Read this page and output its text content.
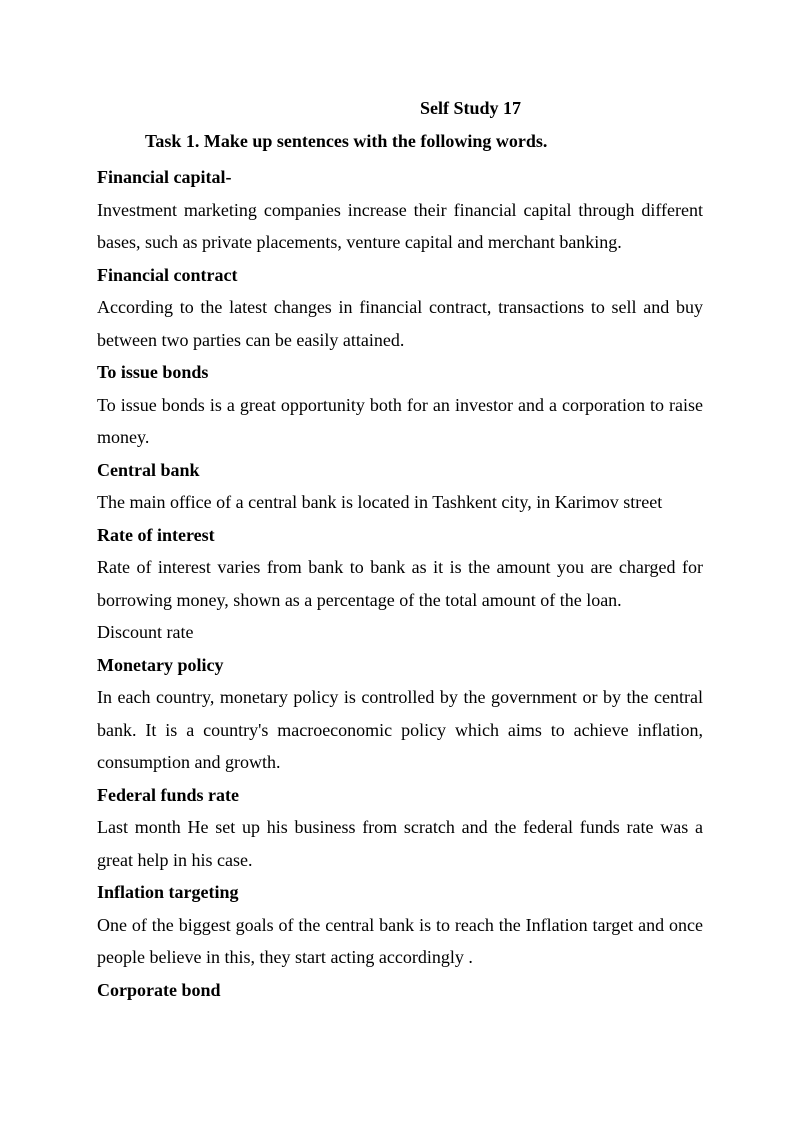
Self Study 17
Task 1. Make up sentences with the following words.

Financial capital-

Investment marketing companies increase their financial capital through different bases, such as private placements, venture capital and merchant banking.

Financial contract

According to the latest changes in financial contract, transactions to sell and buy between two parties can be easily attained.

To issue bonds

To issue bonds is a great opportunity both for an investor and a corporation to raise money.

Central bank

The main office of a central bank is located in Tashkent city, in Karimov street

Rate of interest

Rate of interest varies from bank to bank as it is the amount you are charged for borrowing money, shown as a percentage of the total amount of the loan.

Discount rate

Monetary policy

In each country, monetary policy is controlled by the government or by the central bank. It is a country's macroeconomic policy which aims to achieve inflation, consumption and growth.

Federal funds rate

Last month He set up his business from scratch and the federal funds rate was a great help in his case.

Inflation targeting

One of the biggest goals of the central bank is to reach the Inflation target and once people believe in this, they start acting accordingly .

Corporate bond
